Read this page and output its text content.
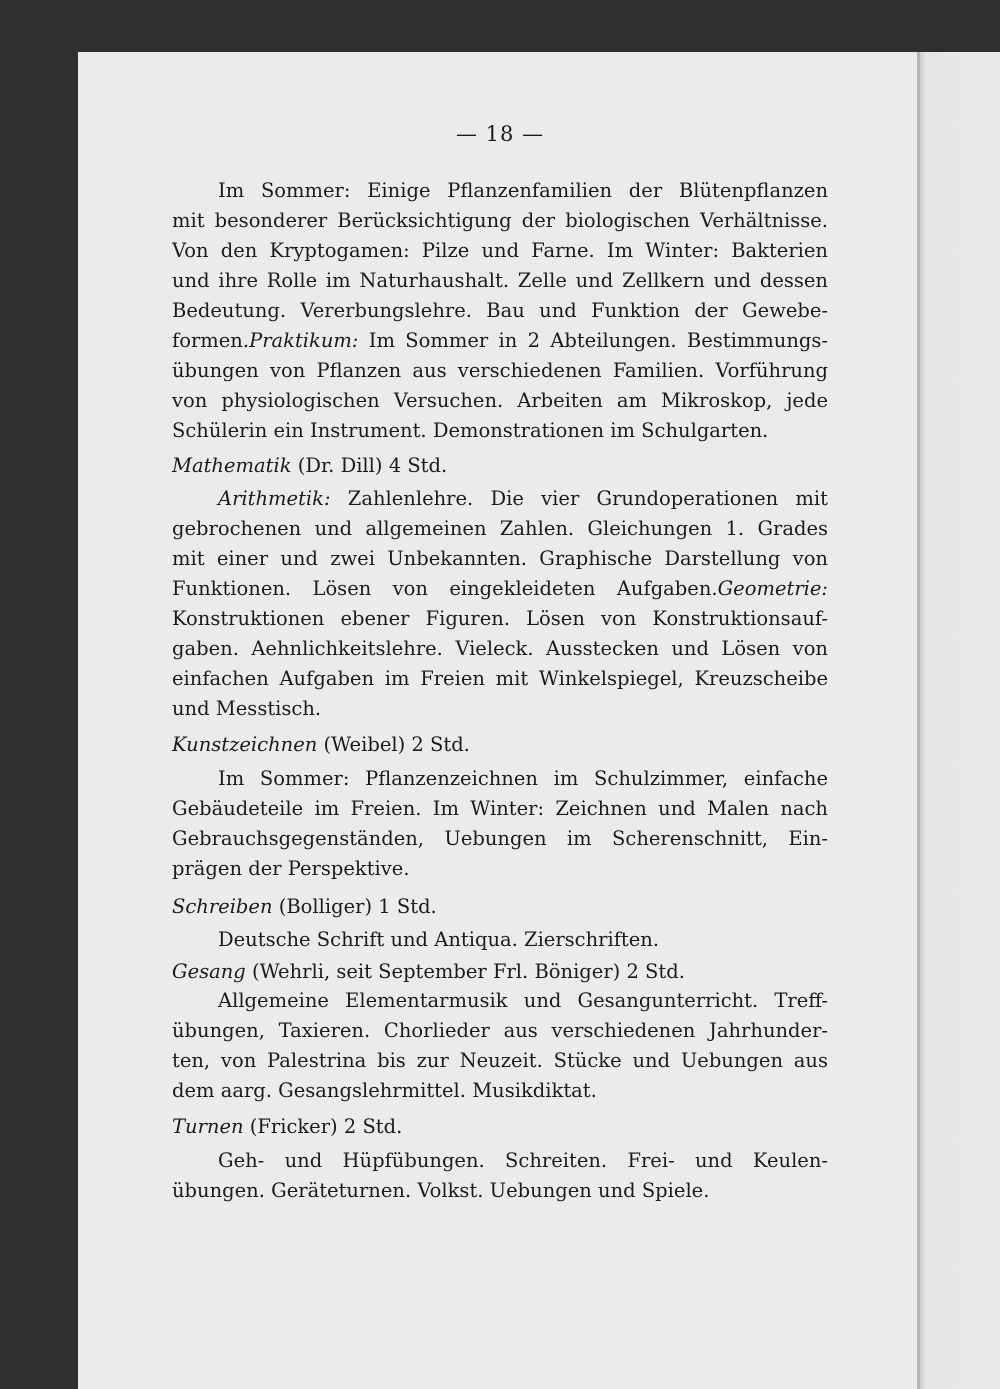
— 18 —
Im Sommer: Einige Pflanzenfamilien der Blütenpflanzen
mit besonderer Berücksichtigung der biologischen Verhältnisse.
Von den Kryptogamen: Pilze und Farne. Im Winter: Bakterien
und ihre Rolle im Naturhaushalt. Zelle und Zellkern und dessen
Bedeutung. Vererbungslehre. Bau und Funktion der Gewebe-
formen.Praktikum: Im Sommer in 2 Abteilungen. Bestimmungs-
übungen von Pflanzen aus verschiedenen Familien. Vorführung
von physiologischen Versuchen. Arbeiten am Mikroskop, jede
Schülerin ein Instrument. Demonstrationen im Schulgarten.
Mathematik (Dr. Dill) 4 Std.
Arithmetik: Zahlenlehre. Die vier Grundoperationen mit
gebrochenen und allgemeinen Zahlen. Gleichungen 1. Grades
mit einer und zwei Unbekannten. Graphische Darstellung von
Funktionen. Lösen von eingekleideten Aufgaben.Geometrie:
Konstruktionen ebener Figuren. Lösen von Konstruktionsauf-
gaben. Aehnlichkeitslehre. Vieleck. Ausstecken und Lösen von
einfachen Aufgaben im Freien mit Winkelspiegel, Kreuzscheibe
und Messtisch.
Kunstzeichnen (Weibel) 2 Std.
Im Sommer: Pflanzenzeichnen im Schulzimmer, einfache
Gebäudeteile im Freien. Im Winter: Zeichnen und Malen nach
Gebrauchsgegenständen, Uebungen im Scherenschnitt, Ein-
prägen der Perspektive.
Schreiben (Bolliger) 1 Std.
Deutsche Schrift und Antiqua. Zierschriften.
Gesang (Wehrli, seit September Frl. Böniger) 2 Std.
Allgemeine Elementarmusik und Gesangunterricht. Treff-
übungen, Taxieren. Chorlieder aus verschiedenen Jahrhunder-
ten, von Palestrina bis zur Neuzeit. Stücke und Uebungen aus
dem aarg. Gesangslehrmittel. Musikdiktat.
Turnen (Fricker) 2 Std.
Geh- und Hüpfübungen. Schreiten. Frei- und Keulen-
übungen. Geräteturnen. Volkst. Uebungen und Spiele.
